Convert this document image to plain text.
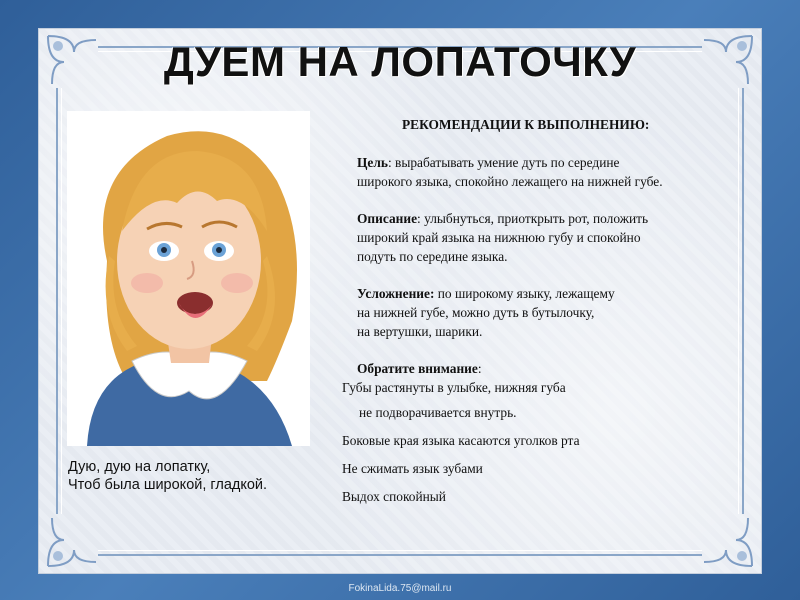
ДУЕМ НА ЛОПАТОЧКУ
Дую, дую на лопатку,
Чтоб была широкой, гладкой.
РЕКОМЕНДАЦИИ К ВЫПОЛНЕНИЮ:
Цель: вырабатывать умение дуть по середине
широкого языка, спокойно лежащего на нижней губе.
Описание: улыбнуться, приоткрыть рот, положить
широкий край языка на нижнюю губу и спокойно
подуть по середине языка.
Усложнение: по широкому языку, лежащему
на нижней губе, можно дуть в бутылочку,
на вертушки, шарики.
Обратите внимание:
Губы растянуты в улыбке, нижняя губа
не подворачивается внутрь.
Боковые края языка касаются уголков рта
Не сжимать язык зубами
Выдох спокойный
FokinaLida.75@mail.ru
